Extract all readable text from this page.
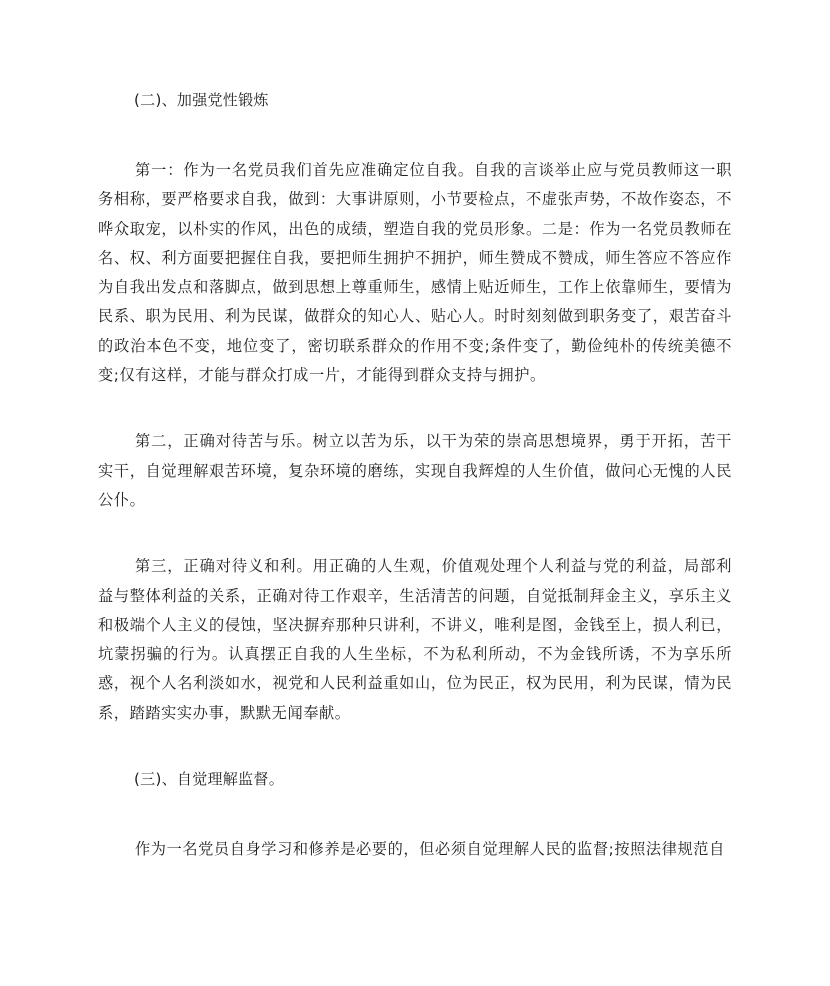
(二)、加强党性锻炼

第一：作为一名党员我们首先应准确定位自我。自我的言谈举止应与党员教师这一职务相称，要严格要求自我，做到：大事讲原则，小节要检点，不虚张声势，不故作姿态，不哗众取宠，以朴实的作风，出色的成绩，塑造自我的党员形象。二是：作为一名党员教师在名、权、利方面要把握住自我，要把师生拥护不拥护，师生赞成不赞成，师生答应不答应作为自我出发点和落脚点，做到思想上尊重师生，感情上贴近师生，工作上依靠师生，要情为民系、职为民用、利为民谋，做群众的知心人、贴心人。时时刻刻做到职务变了，艰苦奋斗的政治本色不变，地位变了，密切联系群众的作用不变;条件变了，勤俭纯朴的传统美德不变;仅有这样，才能与群众打成一片，才能得到群众支持与拥护。

第二，正确对待苦与乐。树立以苦为乐，以干为荣的崇高思想境界，勇于开拓，苦干实干，自觉理解艰苦环境，复杂环境的磨练，实现自我辉煌的人生价值，做问心无愧的人民公仆。

第三，正确对待义和利。用正确的人生观，价值观处理个人利益与党的利益，局部利益与整体利益的关系，正确对待工作艰辛，生活清苦的问题，自觉抵制拜金主义，享乐主义和极端个人主义的侵蚀，坚决摒弃那种只讲利，不讲义，唯利是图，金钱至上，损人利已，坑蒙拐骗的行为。认真摆正自我的人生坐标，不为私利所动，不为金钱所诱，不为享乐所惑，视个人名利淡如水，视党和人民利益重如山，位为民正，权为民用，利为民谋，情为民系，踏踏实实办事，默默无闻奉献。

(三)、自觉理解监督。

作为一名党员自身学习和修养是必要的，但必须自觉理解人民的监督;按照法律规范自
